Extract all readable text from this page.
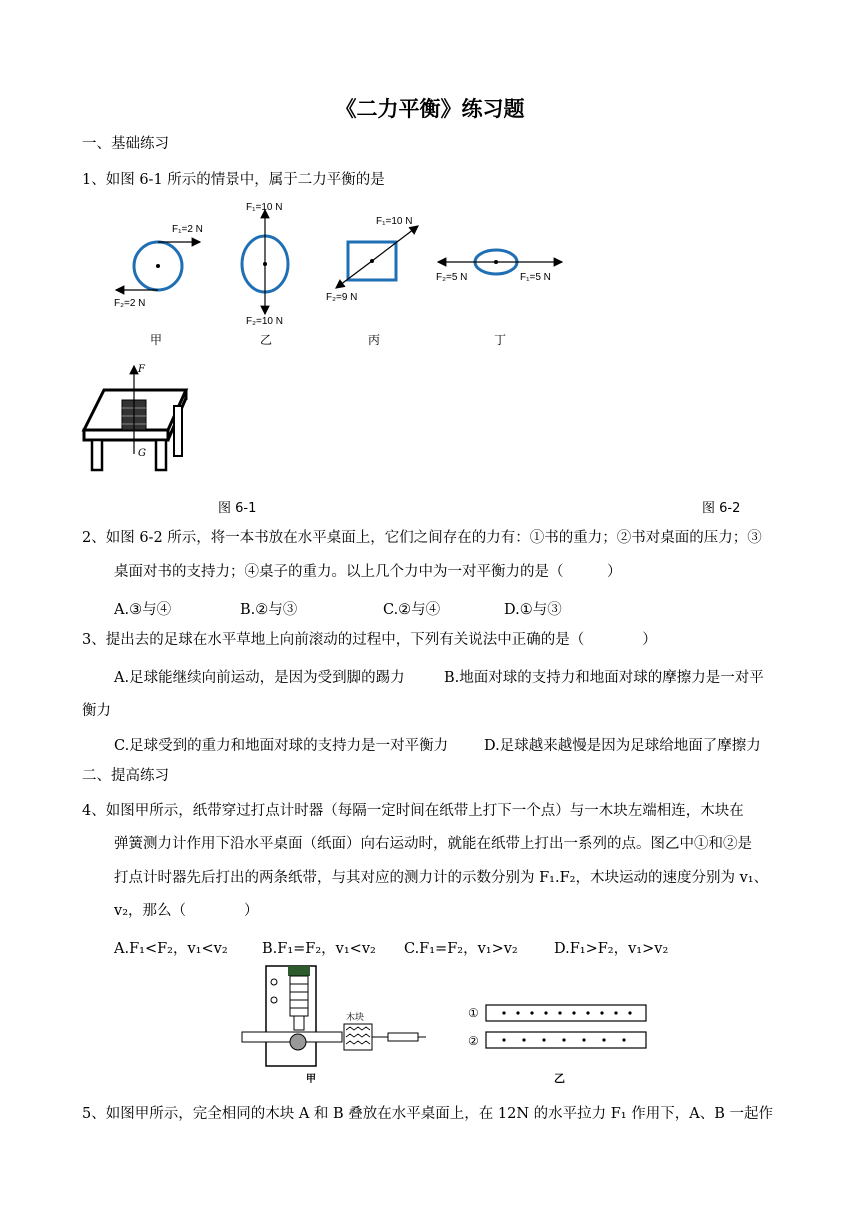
《二力平衡》练习题
一、基础练习
1、如图 6-1 所示的情景中，属于二力平衡的是
F₁=2 N
F₂=2 N
F₁=10 N
F₂=10 N
F₁=10 N
F₂=9 N
F₁=5 N
F₂=5 N
甲	乙	丙	丁
F
G
图 6-1	图 6-2
2、如图 6-2 所示，将一本书放在水平桌面上，它们之间存在的力有：①书的重力；②书对桌面的压力；③
桌面对书的支持力；④桌子的重力。以上几个力中为一对平衡力的是（　　　）
A.③与④	B.②与③	C.②与④	D.①与③
3、提出去的足球在水平草地上向前滚动的过程中，下列有关说法中正确的是（　　　　）
A.足球能继续向前运动，是因为受到脚的踢力	B.地面对球的支持力和地面对球的摩擦力是一对平
衡力
C.足球受到的重力和地面对球的支持力是一对平衡力 D.足球越来越慢是因为足球给地面了摩擦力
二、提高练习
4、如图甲所示，纸带穿过打点计时器（每隔一定时间在纸带上打下一个点）与一木块左端相连，木块在
弹簧测力计作用下沿水平桌面（纸面）向右运动时，就能在纸带上打出一系列的点。图乙中①和②是
打点计时器先后打出的两条纸带，与其对应的测力计的示数分别为 F₁.F₂，木块运动的速度分别为 v₁、
v₂，那么（　　　　）
A.F₁<F₂，v₁<v₂ B.F₁=F₂，v₁<v₂ C.F₁=F₂，v₁>v₂	D.F₁>F₂，v₁>v₂
木块
甲
①
②
乙
5、如图甲所示，完全相同的木块 A 和 B 叠放在水平桌面上，在 12N 的水平拉力 F₁ 作用下，A、B 一起作
